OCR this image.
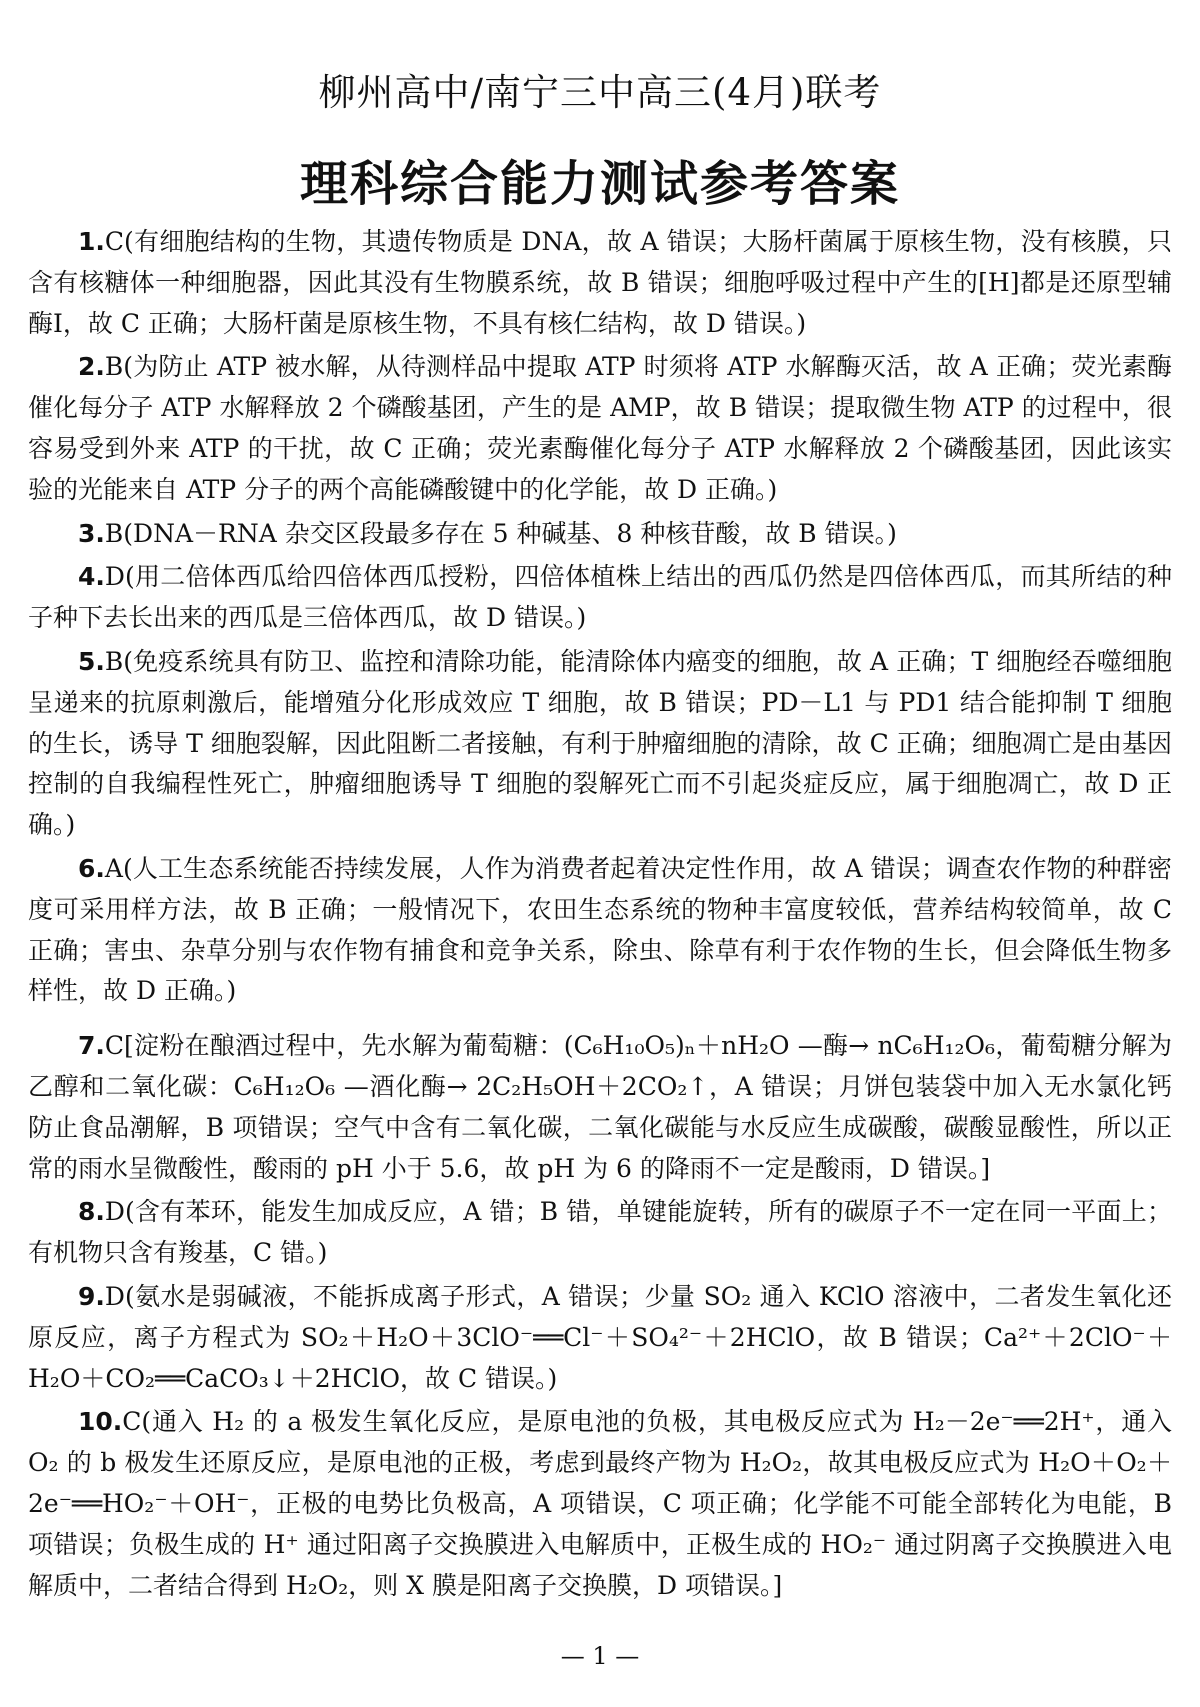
柳州高中/南宁三中高三(4月)联考
理科综合能力测试参考答案

1.C(有细胞结构的生物，其遗传物质是 DNA，故 A 错误；大肠杆菌属于原核生物，没有核膜，只含有核糖体一种细胞器，因此其没有生物膜系统，故 B 错误；细胞呼吸过程中产生的[H]都是还原型辅酶Ⅰ，故 C 正确；大肠杆菌是原核生物，不具有核仁结构，故 D 错误。)

2.B(为防止 ATP 被水解，从待测样品中提取 ATP 时须将 ATP 水解酶灭活，故 A 正确；荧光素酶催化每分子 ATP 水解释放 2 个磷酸基团，产生的是 AMP，故 B 错误；提取微生物 ATP 的过程中，很容易受到外来 ATP 的干扰，故 C 正确；荧光素酶催化每分子 ATP 水解释放 2 个磷酸基团，因此该实验的光能来自 ATP 分子的两个高能磷酸键中的化学能，故 D 正确。)

3.B(DNA－RNA 杂交区段最多存在 5 种碱基、8 种核苷酸，故 B 错误。)

4.D(用二倍体西瓜给四倍体西瓜授粉，四倍体植株上结出的西瓜仍然是四倍体西瓜，而其所结的种子种下去长出来的西瓜是三倍体西瓜，故 D 错误。)

5.B(免疫系统具有防卫、监控和清除功能，能清除体内癌变的细胞，故 A 正确；T 细胞经吞噬细胞呈递来的抗原刺激后，能增殖分化形成效应 T 细胞，故 B 错误；PD－L1 与 PD1 结合能抑制 T 细胞的生长，诱导 T 细胞裂解，因此阻断二者接触，有利于肿瘤细胞的清除，故 C 正确；细胞凋亡是由基因控制的自我编程性死亡，肿瘤细胞诱导 T 细胞的裂解死亡而不引起炎症反应，属于细胞凋亡，故 D 正确。)

6.A(人工生态系统能否持续发展，人作为消费者起着决定性作用，故 A 错误；调查农作物的种群密度可采用样方法，故 B 正确；一般情况下，农田生态系统的物种丰富度较低，营养结构较简单，故 C 正确；害虫、杂草分别与农作物有捕食和竞争关系，除虫、除草有利于农作物的生长，但会降低生物多样性，故 D 正确。)

7.C[淀粉在酿酒过程中，先水解为葡萄糖：(C₆H₁₀O₅)ₙ＋nH₂O —酶→ nC₆H₁₂O₆，葡萄糖分解为乙醇和二氧化碳：C₆H₁₂O₆ —酒化酶→ 2C₂H₅OH＋2CO₂↑，A 错误；月饼包装袋中加入无水氯化钙防止食品潮解，B 项错误；空气中含有二氧化碳，二氧化碳能与水反应生成碳酸，碳酸显酸性，所以正常的雨水呈微酸性，酸雨的 pH 小于 5.6，故 pH 为 6 的降雨不一定是酸雨，D 错误。]

8.D(含有苯环，能发生加成反应，A 错；B 错，单键能旋转，所有的碳原子不一定在同一平面上；有机物只含有羧基，C 错。)

9.D(氨水是弱碱液，不能拆成离子形式，A 错误；少量 SO₂ 通入 KClO 溶液中，二者发生氧化还原反应，离子方程式为 SO₂＋H₂O＋3ClO⁻══Cl⁻＋SO₄²⁻＋2HClO，故 B 错误；Ca²⁺＋2ClO⁻＋H₂O＋CO₂══CaCO₃↓＋2HClO，故 C 错误。)

10.C(通入 H₂ 的 a 极发生氧化反应，是原电池的负极，其电极反应式为 H₂－2e⁻══2H⁺，通入 O₂ 的 b 极发生还原反应，是原电池的正极，考虑到最终产物为 H₂O₂，故其电极反应式为 H₂O＋O₂＋2e⁻══HO₂⁻＋OH⁻，正极的电势比负极高，A 项错误，C 项正确；化学能不可能全部转化为电能，B 项错误；负极生成的 H⁺ 通过阳离子交换膜进入电解质中，正极生成的 HO₂⁻ 通过阴离子交换膜进入电解质中，二者结合得到 H₂O₂，则 X 膜是阳离子交换膜，D 项错误。]

— 1 —
